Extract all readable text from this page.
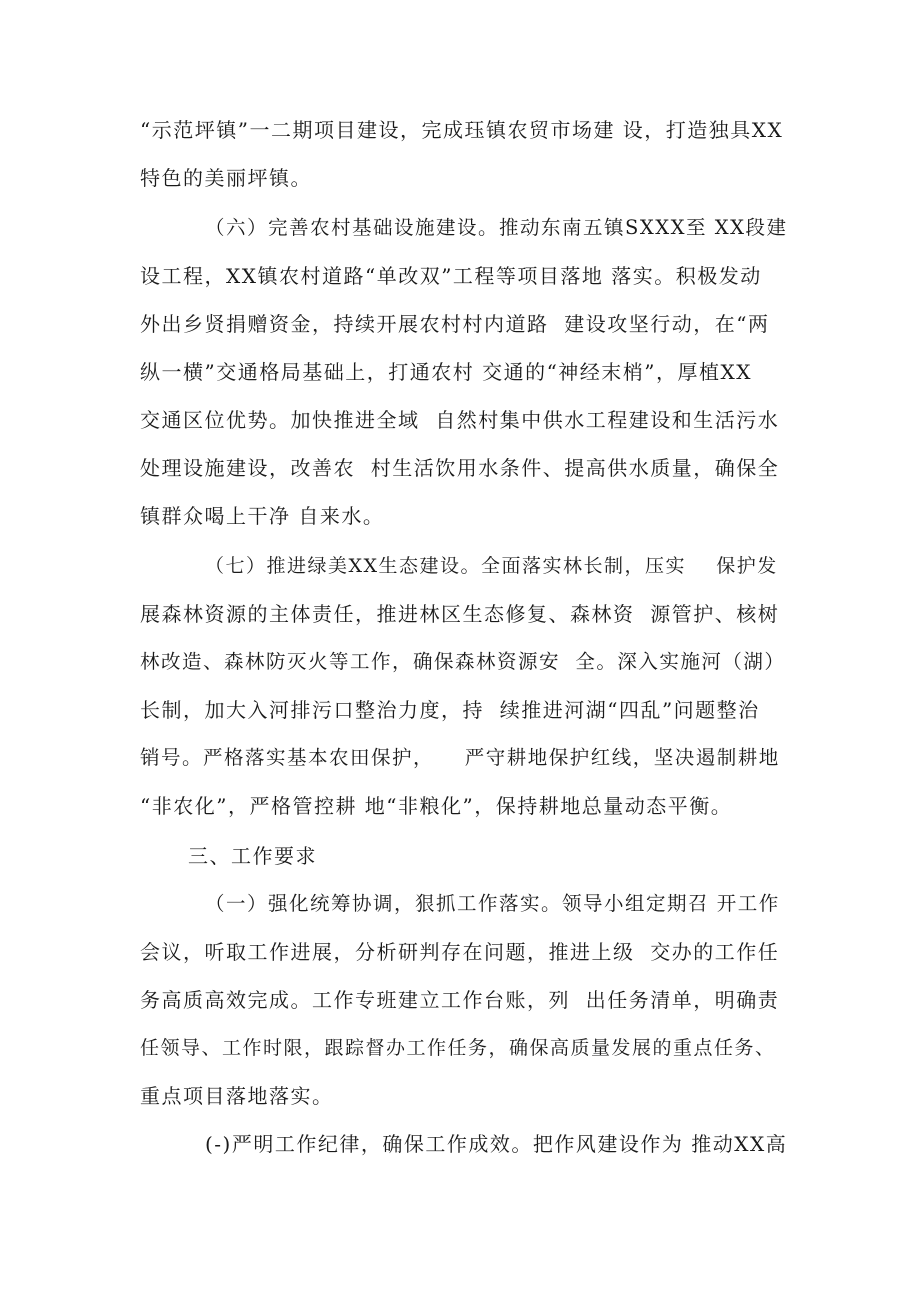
“示范坪镇”一二期项目建设，完成珏镇农贸市场建 设，打造独具XX
特色的美丽坪镇。
（六）完善农村基础设施建设。推动东南五镇SXXX至 XX段建
设工程，XX镇农村道路“单改双”工程等项目落地 落实。积极发动
外出乡贤捐赠资金，持续开展农村村内道路  建设攻坚行动，在“两
纵一横”交通格局基础上，打通农村 交通的“神经末梢”，厚植XX
交通区位优势。加快推进全域  自然村集中供水工程建设和生活污水
处理设施建设，改善农  村生活饮用水条件、提高供水质量，确保全
镇群众喝上干净 自来水。
（七）推进绿美XX生态建设。全面落实林长制，压实    保护发
展森林资源的主体责任，推进林区生态修复、森林资  源管护、核树
林改造、森林防灭火等工作，确保森林资源安  全。深入实施河（湖）
长制，加大入河排污口整治力度，持  续推进河湖“四乱”问题整治
销号。严格落实基本农田保护，    严守耕地保护红线，坚决遏制耕地
“非农化”，严格管控耕 地“非粮化”，保持耕地总量动态平衡。
三、工作要求
（一）强化统筹协调，狠抓工作落实。领导小组定期召 开工作
会议，听取工作进展，分析研判存在问题，推进上级  交办的工作任
务高质高效完成。工作专班建立工作台账，列  出任务清单，明确责
任领导、工作时限，跟踪督办工作任务，确保高质量发展的重点任务、
重点项目落地落实。
(-)严明工作纪律，确保工作成效。把作风建设作为 推动XX高
